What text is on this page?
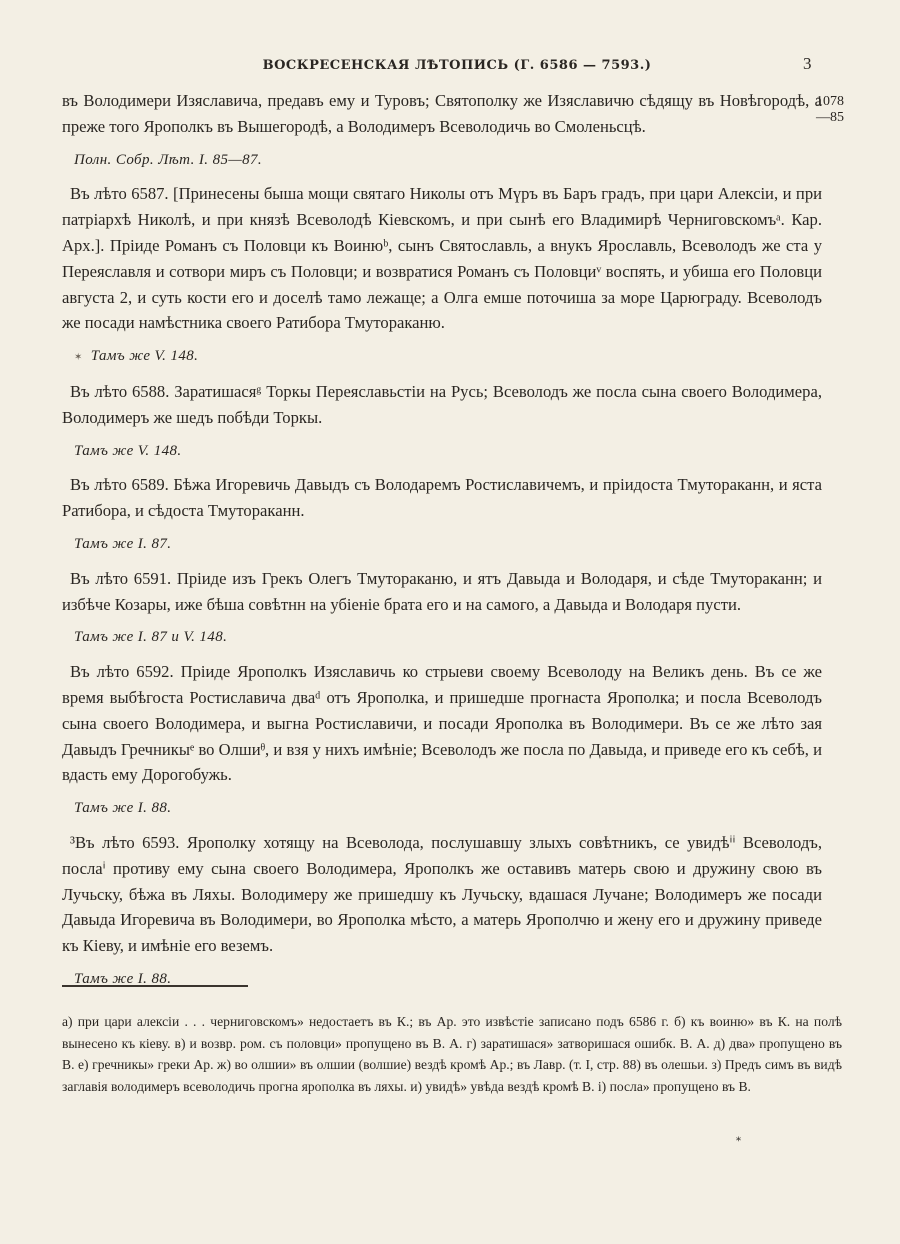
ВОСКРЕСЕНСКАЯ ЛѢТОПИСЬ (Г. 6586 — 7593.)	3
1078
—85

въ Володимери Изяславича, предавъ ему и Туровъ; Святополку же Изяславичю сѣдящу въ Новѣгородѣ, а преже того Ярополкъ въ Вышегородѣ, а Володимеръ Всеволодичь во Смоленьсцѣ.

Полн. Собр. Лѣт. I. 85—87.

Въ лѣто 6587. [Принесены быша мощи святаго Николы отъ Мүръ въ Баръ градъ, при цари Алексіи, и при патріархѣ Николѣ, и при князѣ Всеволодѣ Кіевскомъ, и при сынѣ его Владимирѣ Черниговскомъᵃ. Кар. Арх.]. Пріиде Романъ съ Половци къ Воинюᵇ, сынъ Святославль, а внукъ Ярославль, Всеволодъ же ста у Переяславля и сотвори миръ съ Половци; и возвратися Романъ съ Половциᵛ воспять, и убиша его Половци августа 2, и суть кости его и доселѣ тамо лежаще; а Олга емше поточиша за море Царюграду. Всеволодъ же посади намѣстника своего Ратибора Тмутораканю.

✶ Тамъ же V. 148.

Въ лѣто 6588. Заратишасяᵍ Торкы Переяславьстіи на Русь; Всеволодъ же посла сына своего Володимера, Володимеръ же шедъ побѣди Торкы.

Тамъ же V. 148.

Въ лѣто 6589. Бѣжа Игоревичь Давыдъ съ Володаремъ Ростиславичемъ, и пріидоста Тмутораканн, и яста Ратибора, и сѣдоста Тмутораканн.

Тамъ же I. 87.

Въ лѣто 6591. Пріиде изъ Грекъ Олегъ Тмутораканю, и ятъ Давыда и Володаря, и сѣде Тмутораканн; и избѣче Козары, иже бѣша совѣтнн на убіеніе брата его и на самого, а Давыда и Володаря пусти.

Тамъ же I. 87 и V. 148.

Въ лѣто 6592. Пріиде Ярополкъ Изяславичь ко стрыеви своему Всеволоду на Великъ день. Въ се же время выбѣгоста Ростиславича дваᵈ отъ Ярополка, и пришедше прогнаста Ярополка; и посла Всеволодъ сына своего Володимера, и выгна Ростиславичи, и посади Ярополка въ Володимери. Въ се же лѣто зая Давыдъ Гречникыᵉ во Олшиᶿ, и взя у нихъ имѣніе; Всеволодъ же посла по Давыда, и приведе его къ себѣ, и вдасть ему Дорогобужь.

Тамъ же I. 88.

³Въ лѣто 6593. Ярополку хотящу на Всеволода, послушавшу злыхъ совѣтникъ, се увидѣⁱⁱ Всеволодъ, послаⁱ противу ему сына своего Володимера, Ярополкъ же оставивъ матерь свою и дружину свою въ Лучьску, бѣжа въ Ляхы. Володимеру же пришедшу къ Лучьску, вдашася Лучане; Володимеръ же посади Давыда Игоревича въ Володимери, во Ярополка мѣсто, а матерь Ярополчю и жену его и дружину приведе къ Кіеву, и имѣніе его веземъ.

Тамъ же I. 88.

а) при цари алексіи . . . черниговскомъ» недостаетъ въ К.; въ Ар. это извѣстіе записано подъ 6586 г. б) къ воиню» въ К. на полѣ вынесено къ кіеву. в) и возвр. ром. съ половци» пропущено въ В. А. г) заратишася» затворишася ошибк. В. А. д) два» пропущено въ В. е) гречникы» греки Ар. ж) во олшии» въ олшии (волшие) вездѣ кромѣ Ар.; въ Лавр. (т. I, стр. 88) въ олешьи. з) Предъ симъ въ видѣ заглавія володимеръ всеволодичь прогна ярополка въ ляхы. и) увидѣ» увѣда вездѣ кромѣ В. і) посла» пропущено въ В.

*
